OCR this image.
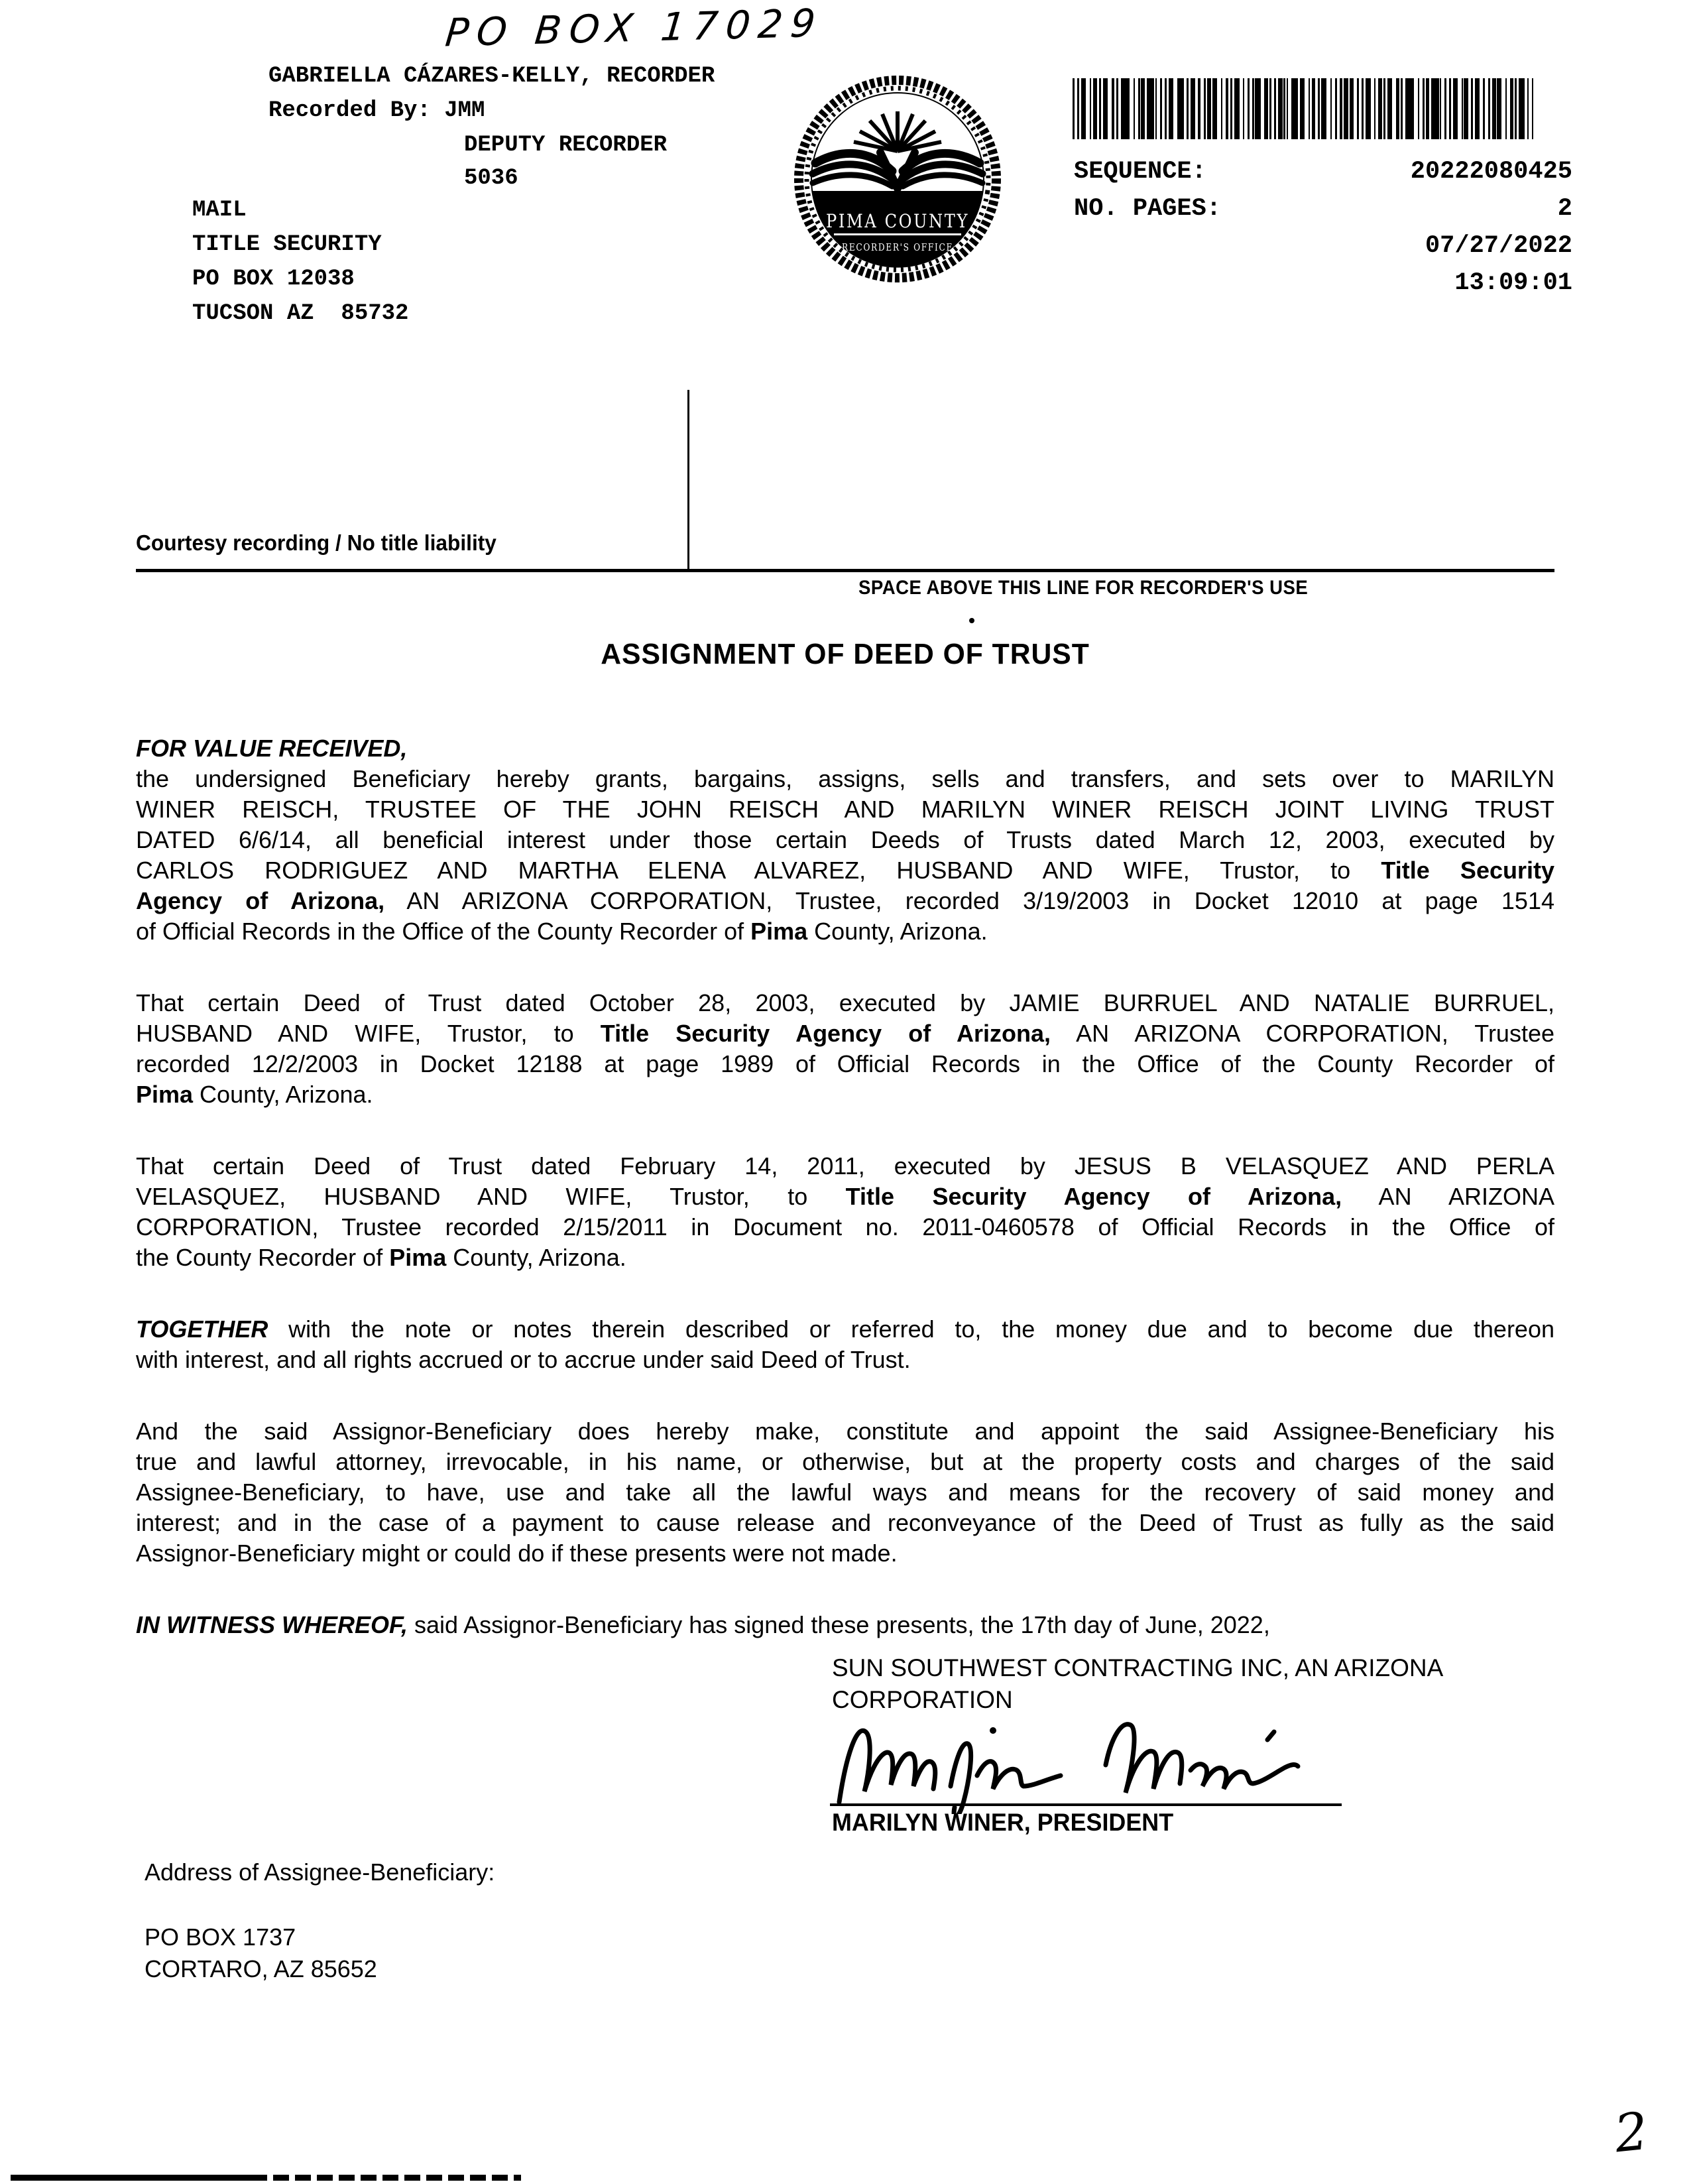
PO BOX 17029
GABRIELLA CÁZARES-KELLY, RECORDER
Recorded By: JMM
DEPUTY RECORDER
5036
MAIL
TITLE SECURITY
PO BOX 12038
TUCSON AZ  85732
PIMA COUNTY
RECORDER'S OFFICE
SEQUENCE:	20222080425
NO. PAGES:	2
07/27/2022
13:09:01
Courtesy recording / No title liability
SPACE ABOVE THIS LINE FOR RECORDER'S USE
ASSIGNMENT OF DEED OF TRUST
FOR VALUE RECEIVED,
the undersigned Beneficiary hereby grants, bargains, assigns, sells and transfers, and sets over to MARILYN
WINER REISCH, TRUSTEE OF THE JOHN REISCH AND MARILYN WINER REISCH JOINT LIVING TRUST
DATED 6/6/14, all beneficial interest under those certain Deeds of Trusts dated March 12, 2003, executed by
CARLOS RODRIGUEZ AND MARTHA ELENA ALVAREZ, HUSBAND AND WIFE, Trustor, to Title Security
Agency of Arizona, AN ARIZONA CORPORATION, Trustee, recorded 3/19/2003 in Docket 12010 at page 1514
of Official Records in the Office of the County Recorder of Pima County, Arizona.
That certain Deed of Trust dated October 28, 2003, executed by JAMIE BURRUEL AND NATALIE BURRUEL,
HUSBAND AND WIFE, Trustor, to Title Security Agency of Arizona, AN ARIZONA CORPORATION, Trustee
recorded 12/2/2003 in Docket 12188 at page 1989 of Official Records in the Office of the County Recorder of
Pima County, Arizona.
That certain Deed of Trust dated February 14, 2011, executed by JESUS B VELASQUEZ AND PERLA
VELASQUEZ, HUSBAND AND WIFE, Trustor, to Title Security Agency of Arizona, AN ARIZONA
CORPORATION, Trustee recorded 2/15/2011 in Document no. 2011-0460578 of Official Records in the Office of
the County Recorder of Pima County, Arizona.
TOGETHER with the note or notes therein described or referred to, the money due and to become due thereon
with interest, and all rights accrued or to accrue under said Deed of Trust.
And the said Assignor-Beneficiary does hereby make, constitute and appoint the said Assignee-Beneficiary his
true and lawful attorney, irrevocable, in his name, or otherwise, but at the property costs and charges of the said
Assignee-Beneficiary, to have, use and take all the lawful ways and means for the recovery of said money and
interest; and in the case of a payment to cause release and reconveyance of the Deed of Trust as fully as the said
Assignor-Beneficiary might or could do if these presents were not made.
IN WITNESS WHEREOF, said Assignor-Beneficiary has signed these presents, the 17th day of June, 2022,
SUN SOUTHWEST CONTRACTING INC, AN ARIZONA
CORPORATION
MARILYN WINER, PRESIDENT
Address of Assignee-Beneficiary:
PO BOX 1737
CORTARO, AZ 85652
2
